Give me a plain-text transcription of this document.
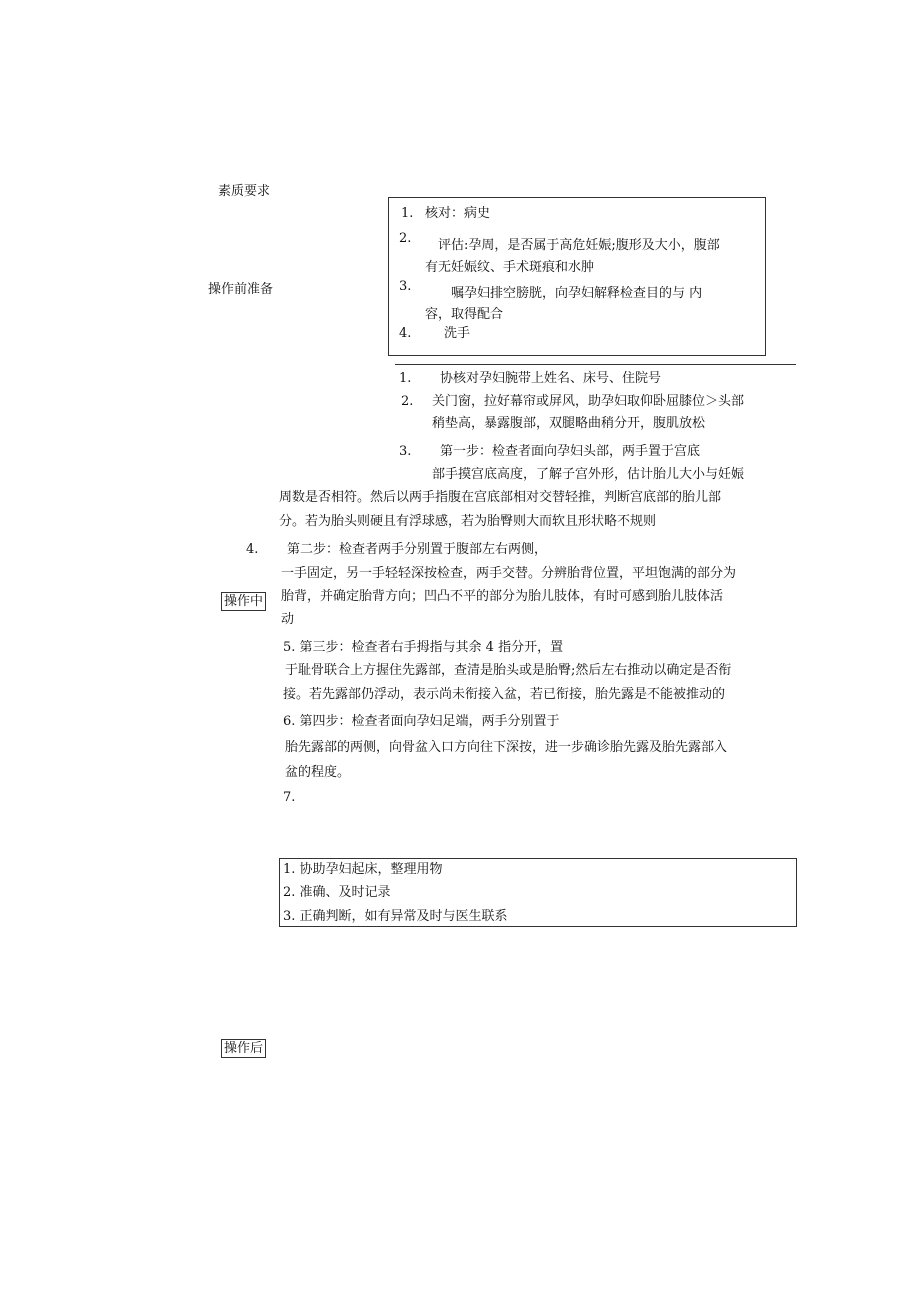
素质要求
操作前准备
操作中
操作后
1. 核对：病史
2. 评估:孕周，是否属于高危妊娠;腹形及大小，腹部
有无妊娠纹、手术斑痕和水肿
3.	嘱孕妇排空膀胱，向孕妇解释检查目的与 内
容，取得配合
4.	洗手
1. 协核对孕妇腕带上姓名、床号、住院号
2. 关门窗，拉好幕帘或屏风，助孕妇取仰卧屈膝位＞头部
稍垫高，暴露腹部，双腿略曲稍分开，腹肌放松
3. 第一步：检查者面向孕妇头部，两手置于宫底
部手摸宫底高度，了解子宫外形，估计胎儿大小与妊娠
周数是否相符。然后以两手指腹在宫底部相对交替轻推，判断宫底部的胎儿部
分。若为胎头则硬且有浮球感，若为胎臀则大而软且形状略不规则
4. 第二步：检查者两手分别置于腹部左右两侧，
一手固定，另一手轻轻深按检查，两手交替。分辨胎背位置，平坦饱满的部分为
胎背，并确定胎背方向；凹凸不平的部分为胎儿肢体，有时可感到胎儿肢体活
动
5. 第三步：检查者右手拇指与其余 4 指分开，置
于耻骨联合上方握住先露部，查清是胎头或是胎臀;然后左右推动以确定是否衔
接。若先露部仍浮动，表示尚未衔接入盆，若已衔接，胎先露是不能被推动的
6. 第四步：检查者面向孕妇足端，两手分别置于
胎先露部的两侧，向骨盆入口方向往下深按，进一步确诊胎先露及胎先露部入
盆的程度。
7.
1. 协助孕妇起床，整理用物
2. 准确、及时记录
3. 正确判断，如有异常及时与医生联系
